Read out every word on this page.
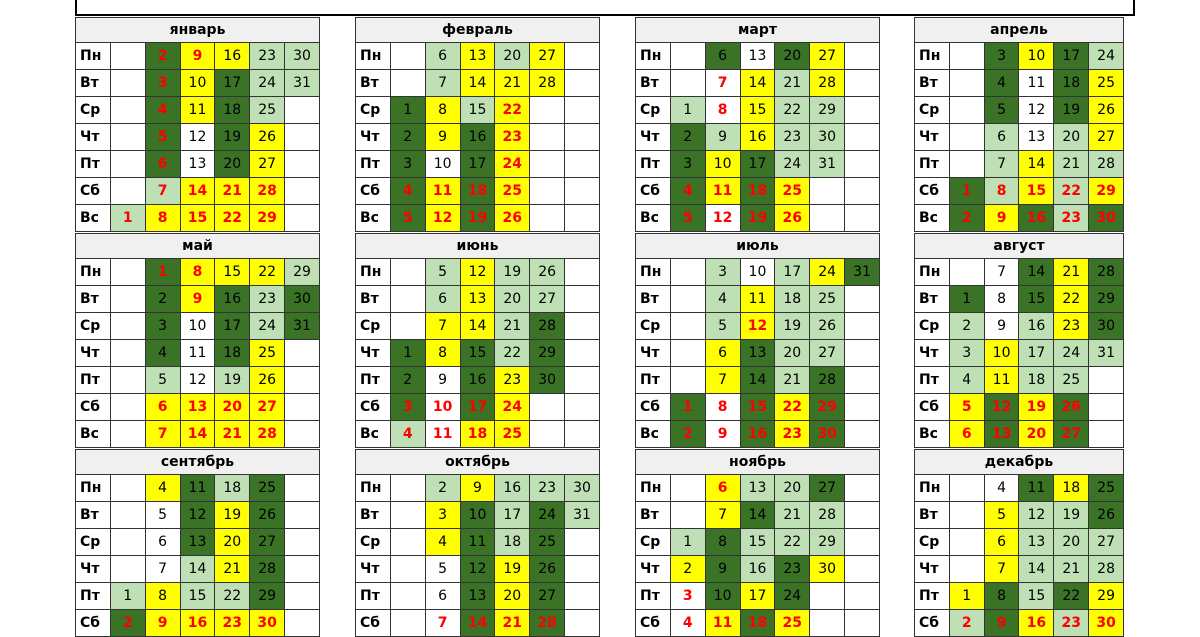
январь						
Пн		2	9	16	23	30
Вт		3	10	17	24	31
Ср		4	11	18	25	
Чт		5	12	19	26	
Пт		6	13	20	27	
Сб		7	14	21	28	
Вс	1	8	15	22	29	
февраль						
Пн		6	13	20	27	
Вт		7	14	21	28	
Ср	1	8	15	22		
Чт	2	9	16	23		
Пт	3	10	17	24		
Сб	4	11	18	25		
Вс	5	12	19	26		
март						
Пн		6	13	20	27	
Вт		7	14	21	28	
Ср	1	8	15	22	29	
Чт	2	9	16	23	30	
Пт	3	10	17	24	31	
Сб	4	11	18	25		
Вс	5	12	19	26		
апрель					
Пн		3	10	17	24
Вт		4	11	18	25
Ср		5	12	19	26
Чт		6	13	20	27
Пт		7	14	21	28
Сб	1	8	15	22	29
Вс	2	9	16	23	30
май						
Пн		1	8	15	22	29
Вт		2	9	16	23	30
Ср		3	10	17	24	31
Чт		4	11	18	25	
Пт		5	12	19	26	
Сб		6	13	20	27	
Вс		7	14	21	28	
июнь						
Пн		5	12	19	26	
Вт		6	13	20	27	
Ср		7	14	21	28	
Чт	1	8	15	22	29	
Пт	2	9	16	23	30	
Сб	3	10	17	24		
Вс	4	11	18	25		
июль						
Пн		3	10	17	24	31
Вт		4	11	18	25	
Ср		5	12	19	26	
Чт		6	13	20	27	
Пт		7	14	21	28	
Сб	1	8	15	22	29	
Вс	2	9	16	23	30	
август					
Пн		7	14	21	28
Вт	1	8	15	22	29
Ср	2	9	16	23	30
Чт	3	10	17	24	31
Пт	4	11	18	25	
Сб	5	12	19	26	
Вс	6	13	20	27	
сентябрь						
Пн		4	11	18	25	
Вт		5	12	19	26	
Ср		6	13	20	27	
Чт		7	14	21	28	
Пт	1	8	15	22	29	
Сб	2	9	16	23	30	
октябрь						
Пн		2	9	16	23	30
Вт		3	10	17	24	31
Ср		4	11	18	25	
Чт		5	12	19	26	
Пт		6	13	20	27	
Сб		7	14	21	28	
ноябрь						
Пн		6	13	20	27	
Вт		7	14	21	28	
Ср	1	8	15	22	29	
Чт	2	9	16	23	30	
Пт	3	10	17	24		
Сб	4	11	18	25		
декабрь					
Пн		4	11	18	25
Вт		5	12	19	26
Ср		6	13	20	27
Чт		7	14	21	28
Пт	1	8	15	22	29
Сб	2	9	16	23	30
